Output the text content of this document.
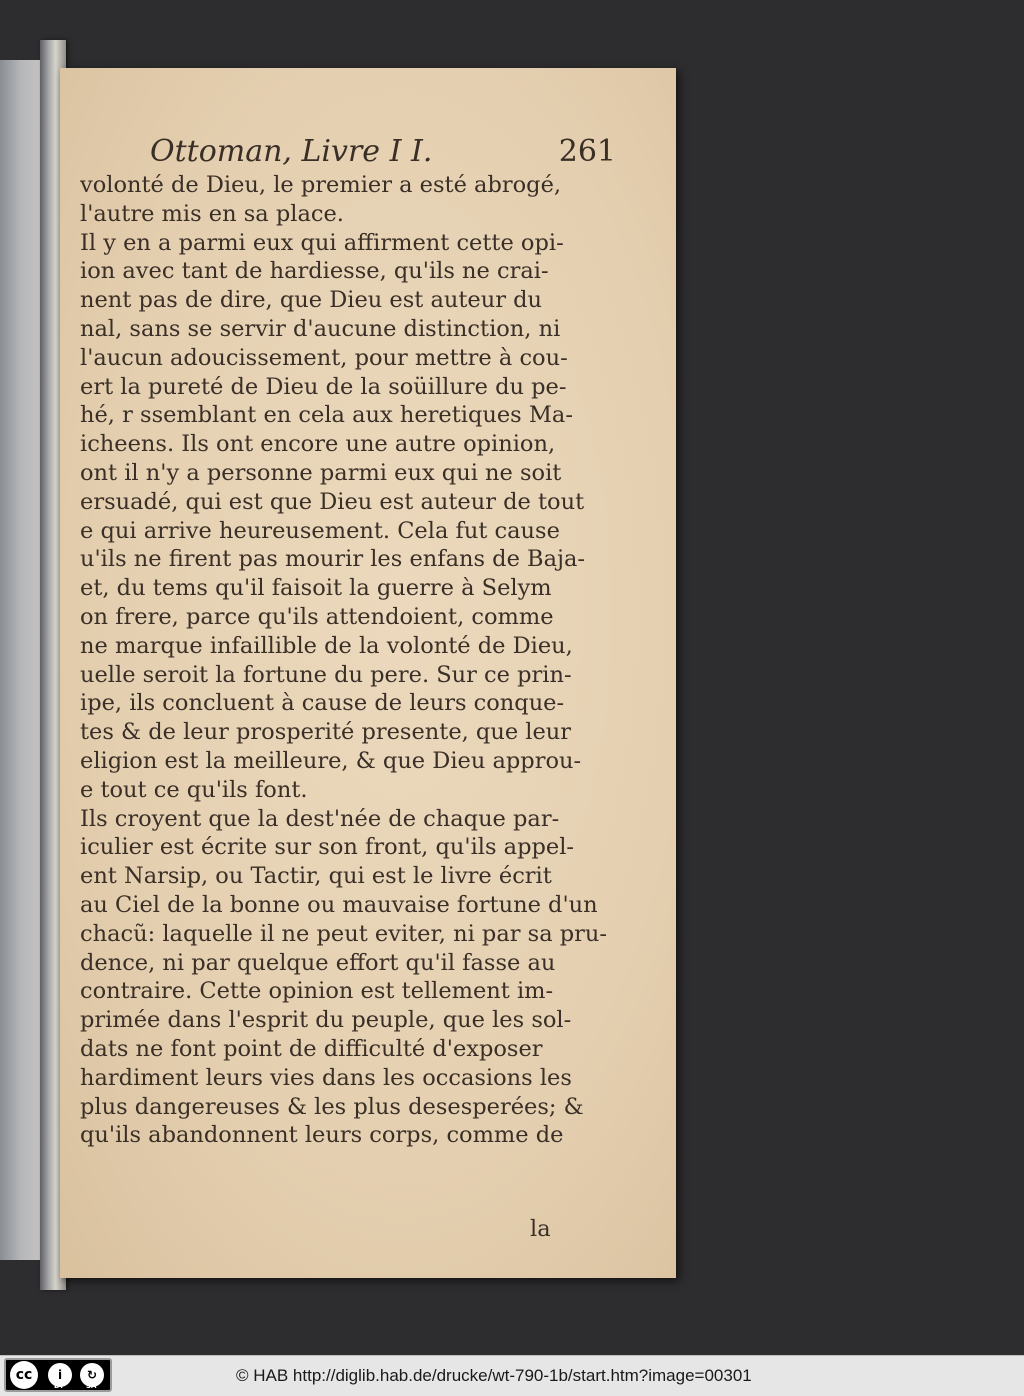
Ottoman, Livre I I.	261
volonté de Dieu, le premier a esté abrogé,
l'autre mis en sa place.
Il y en a parmi eux qui affirment cette opi-
ion avec tant de hardiesse, qu'ils ne crai-
nent pas de dire, que Dieu est auteur du
nal, sans se servir d'aucune distinction, ni
l'aucun adoucissement, pour mettre à cou-
ert la pureté de Dieu de la soüillure du pe-
hé, r ssemblant en cela aux heretiques Ma-
icheens. Ils ont encore une autre opinion,
ont il n'y a personne parmi eux qui ne soit
ersuadé, qui est que Dieu est auteur de tout
e qui arrive heureusement. Cela fut cause
u'ils ne firent pas mourir les enfans de Baja-
et, du tems qu'il faisoit la guerre à Selym
on frere, parce qu'ils attendoient, comme
ne marque infaillible de la volonté de Dieu,
uelle seroit la fortune du pere. Sur ce prin-
ipe, ils concluent à cause de leurs conque-
tes & de leur prosperité presente, que leur
eligion est la meilleure, & que Dieu approu-
e tout ce qu'ils font.
Ils croyent que la dest'née de chaque par-
iculier est écrite sur son front, qu'ils appel-
ent Narsip, ou Tactir, qui est le livre écrit
au Ciel de la bonne ou mauvaise fortune d'un
chacũ: laquelle il ne peut eviter, ni par sa pru-
dence, ni par quelque effort qu'il fasse au
contraire. Cette opinion est tellement im-
primée dans l'esprit du peuple, que les sol-
dats ne font point de difficulté d'exposer
hardiment leurs vies dans les occasions les
plus dangereuses & les plus desesperées; &
qu'ils abandonnent leurs corps, comme de
la
cc	i	↻
BY	SA
© HAB http://diglib.hab.de/drucke/wt-790-1b/start.htm?image=00301
